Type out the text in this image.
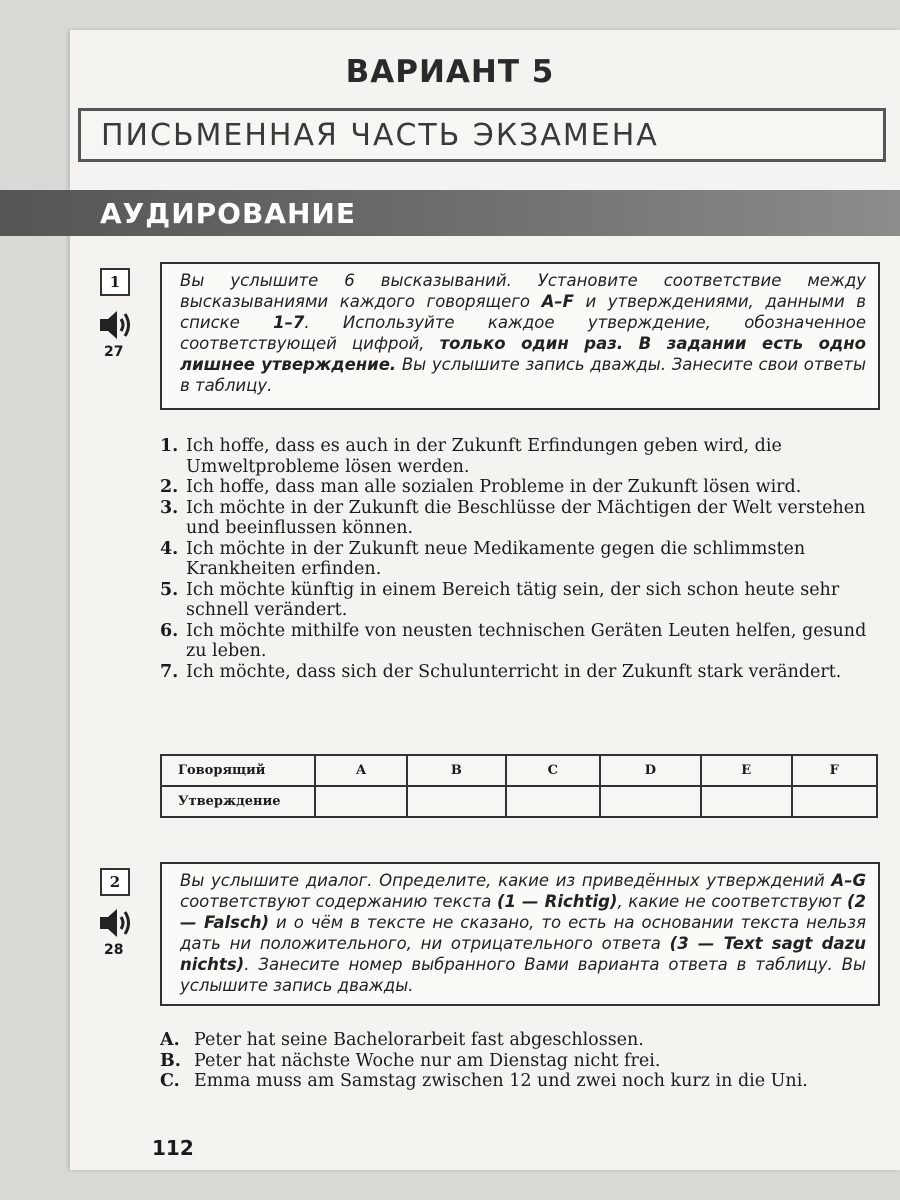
ВАРИАНТ 5
ПИСЬМЕННАЯ ЧАСТЬ ЭКЗАМЕНА
АУДИРОВАНИЕ
1
27
Вы услышите 6 высказываний. Установите соответствие между высказываниями каждого говорящего A–F и утверждениями, данными в списке 1–7. Используйте каждое утверждение, обозначенное соответствующей цифрой, только один раз. В задании есть одно лишнее утверждение. Вы услышите запись дважды. Занесите свои ответы в таблицу.
1. Ich hoffe, dass es auch in der Zukunft Erfindungen geben wird, die Umweltprobleme lösen werden.
2. Ich hoffe, dass man alle sozialen Probleme in der Zukunft lösen wird.
3. Ich möchte in der Zukunft die Beschlüsse der Mächtigen der Welt verstehen und beeinflussen können.
4. Ich möchte in der Zukunft neue Medikamente gegen die schlimmsten Krankheiten erfinden.
5. Ich möchte künftig in einem Bereich tätig sein, der sich schon heute sehr schnell verändert.
6. Ich möchte mithilfe von neusten technischen Geräten Leuten helfen, gesund zu leben.
7. Ich möchte, dass sich der Schulunterricht in der Zukunft stark verändert.
Говорящий	A	B	C	D	E	F
Утверждение						
2
28
Вы услышите диалог. Определите, какие из приведённых утверждений A–G соответствуют содержанию текста (1 — Richtig), какие не соответствуют (2 — Falsch) и о чём в тексте не сказано, то есть на основании текста нельзя дать ни положительного, ни отрицательного ответа (3 — Text sagt dazu nichts). Занесите номер выбранного Вами варианта ответа в таблицу. Вы услышите запись дважды.
A. Peter hat seine Bachelorarbeit fast abgeschlossen.
B. Peter hat nächste Woche nur am Dienstag nicht frei.
C. Emma muss am Samstag zwischen 12 und zwei noch kurz in die Uni.
112
